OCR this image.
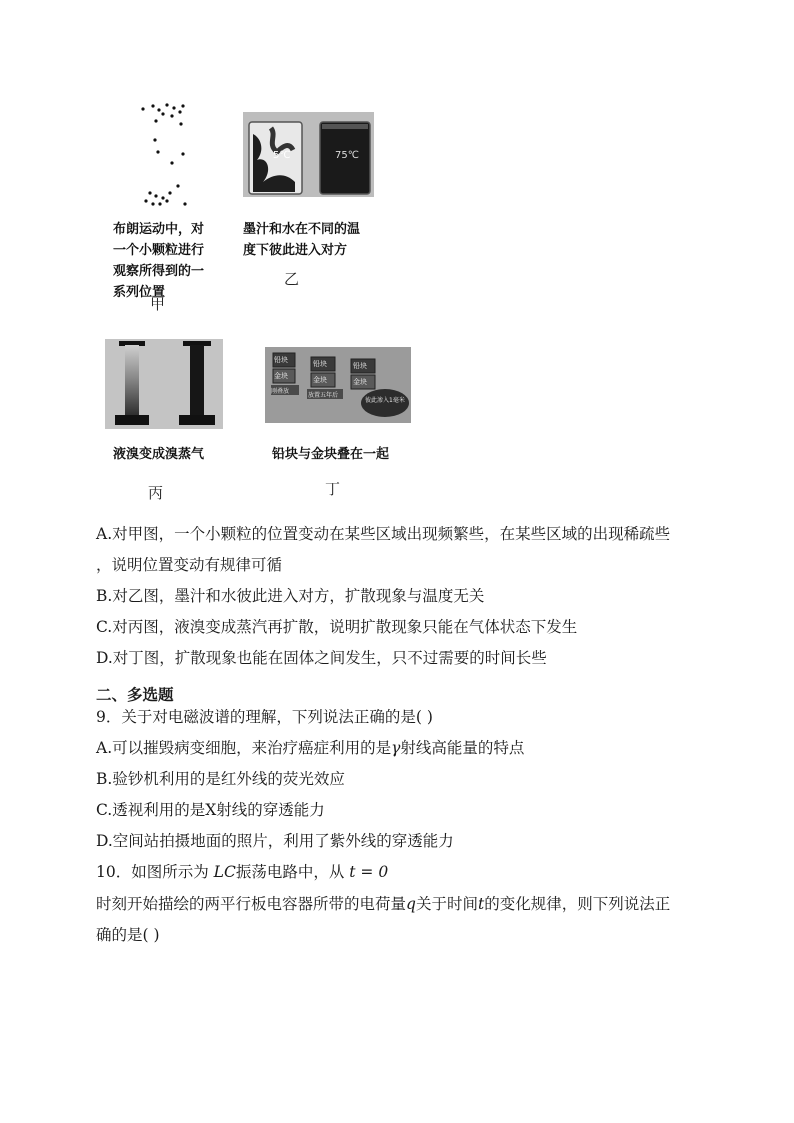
布朗运动中，对
一个小颗粒进行
观察所得到的一
系列位置
甲
5℃	75℃
墨汁和水在不同的温
度下彼此进入对方
乙
液溴变成溴蒸气
丙
铅块
金块
刚叠放
铅块
金块
放置五年后
铅块
金块
彼此渗入1毫米
铅块与金块叠在一起
丁
A.对甲图，一个小颗粒的位置变动在某些区域出现频繁些，在某些区域的出现稀疏些
，说明位置变动有规律可循
B.对乙图，墨汁和水彼此进入对方，扩散现象与温度无关
C.对丙图，液溴变成蒸汽再扩散，说明扩散现象只能在气体状态下发生
D.对丁图，扩散现象也能在固体之间发生，只不过需要的时间长些
二、多选题
9．关于对电磁波谱的理解，下列说法正确的是( )
A.可以摧毁病变细胞，来治疗癌症利用的是γ射线高能量的特点
B.验钞机利用的是红外线的荧光效应
C.透视利用的是X射线的穿透能力
D.空间站拍摄地面的照片，利用了紫外线的穿透能力
10．如图所示为 LC振荡电路中，从 t = 0
时刻开始描绘的两平行板电容器所带的电荷量q关于时间t的变化规律，则下列说法正
确的是( )
